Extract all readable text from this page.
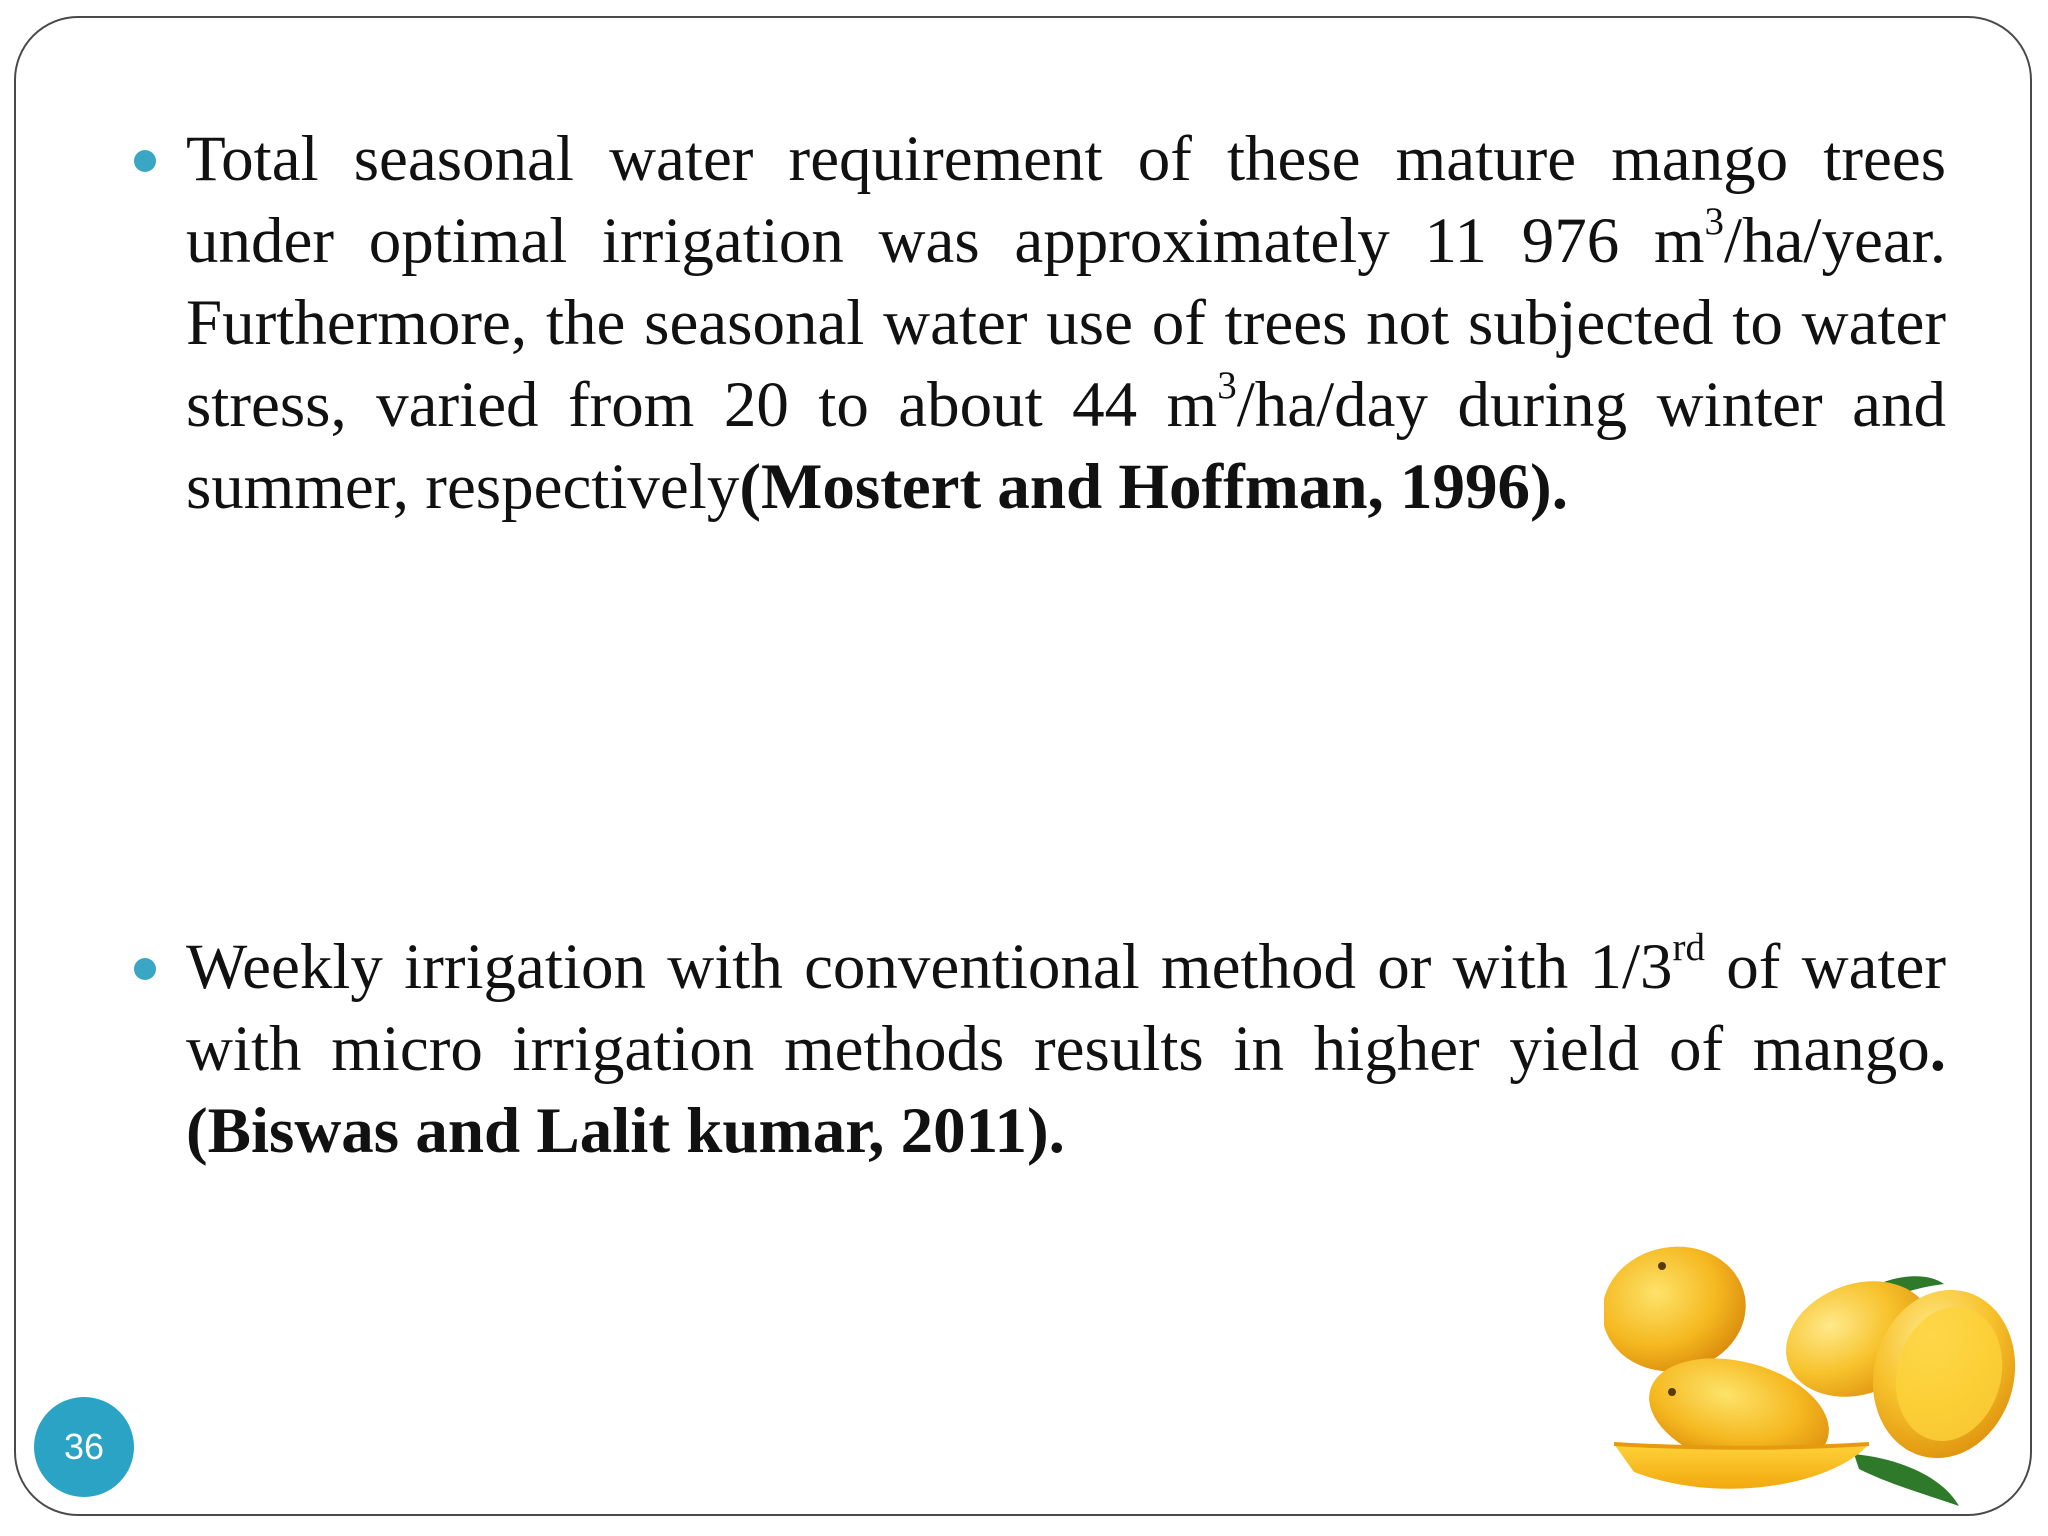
Total seasonal water requirement of these mature mango trees under optimal irrigation was approximately 11 976 $m^3/ha$/year. Furthermore, the seasonal water use of trees not subjected to water stress, varied from 20 to about 44 $m^3/ha$/day during winter and summer, respectively(Mostert and Hoffman, 1996).
Weekly irrigation with conventional method or with 1/3rd of water with micro irrigation methods results in higher yield of mango. (Biswas and Lalit kumar, 2011).
36
